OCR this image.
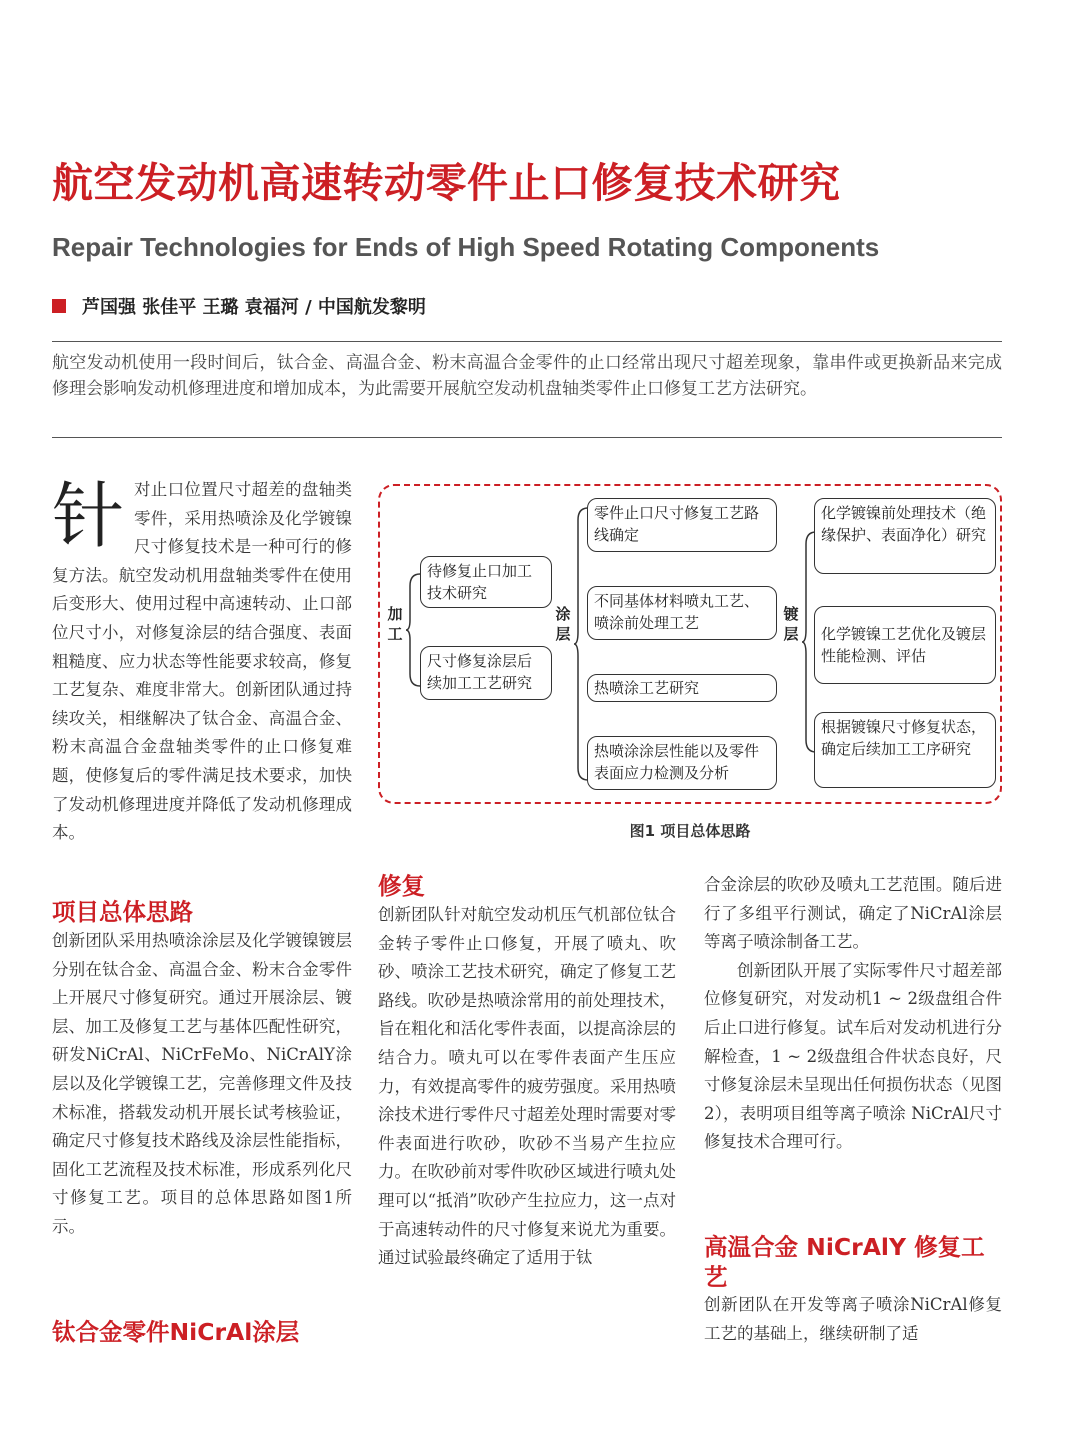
航空发动机高速转动零件止口修复技术研究
Repair Technologies for Ends of High Speed Rotating Components
芦国强 张佳平 王璐 袁福河 / 中国航发黎明

航空发动机使用一段时间后，钛合金、高温合金、粉末高温合金零件的止口经常出现尺寸超差现象，靠串件或更换新品来完成修理会影响发动机修理进度和增加成本，为此需要开展航空发动机盘轴类零件止口修复工艺方法研究。

针对止口位置尺寸超差的盘轴类零件，采用热喷涂及化学镀镍尺寸修复技术是一种可行的修复方法。航空发动机用盘轴类零件在使用后变形大、使用过程中高速转动、止口部位尺寸小，对修复涂层的结合强度、表面粗糙度、应力状态等性能要求较高，修复工艺复杂、难度非常大。创新团队通过持续攻关，相继解决了钛合金、高温合金、粉末高温合金盘轴类零件的止口修复难题，使修复后的零件满足技术要求，加快了发动机修理进度并降低了发动机修理成本。

项目总体思路

创新团队采用热喷涂涂层及化学镀镍镀层分别在钛合金、高温合金、粉末合金零件上开展尺寸修复研究。通过开展涂层、镀层、加工及修复工艺与基体匹配性研究，研发NiCrAl、NiCrFeMo、NiCrAlY涂层以及化学镀镍工艺，完善修理文件及技术标准，搭载发动机开展长试考核验证，确定尺寸修复技术路线及涂层性能指标，固化工艺流程及技术标准，形成系列化尺寸修复工艺。项目的总体思路如图1所示。

钛合金零件NiCrAl涂层
加工
待修复止口加工技术研究
尺寸修复涂层后续加工工艺研究
涂层
零件止口尺寸修复工艺路线确定
不同基体材料喷丸工艺、喷涂前处理工艺
热喷涂工艺研究
热喷涂涂层性能以及零件表面应力检测及分析
镀层
化学镀镍前处理技术（绝缘保护、表面净化）研究
化学镀镍工艺优化及镀层性能检测、评估
根据镀镍尺寸修复状态，确定后续加工工序研究
图1 项目总体思路
修复

创新团队针对航空发动机压气机部位钛合金转子零件止口修复，开展了喷丸、吹砂、喷涂工艺技术研究，确定了修复工艺路线。吹砂是热喷涂常用的前处理技术，旨在粗化和活化零件表面，以提高涂层的结合力。喷丸可以在零件表面产生压应力，有效提高零件的疲劳强度。采用热喷涂技术进行零件尺寸超差处理时需要对零件表面进行吹砂，吹砂不当易产生拉应力。在吹砂前对零件吹砂区域进行喷丸处理可以“抵消”吹砂产生拉应力，这一点对于高速转动件的尺寸修复来说尤为重要。通过试验最终确定了适用于钛

合金涂层的吹砂及喷丸工艺范围。随后进行了多组平行测试，确定了NiCrAl涂层等离子喷涂制备工艺。

创新团队开展了实际零件尺寸超差部位修复研究，对发动机1 ~ 2级盘组合件后止口进行修复。试车后对发动机进行分解检查，1 ~ 2级盘组合件状态良好，尺寸修复涂层未呈现出任何损伤状态（见图2），表明项目组等离子喷涂 NiCrAl尺寸修复技术合理可行。

高温合金 NiCrAlY 修复工艺

创新团队在开发等离子喷涂NiCrAl修复工艺的基础上，继续研制了适
